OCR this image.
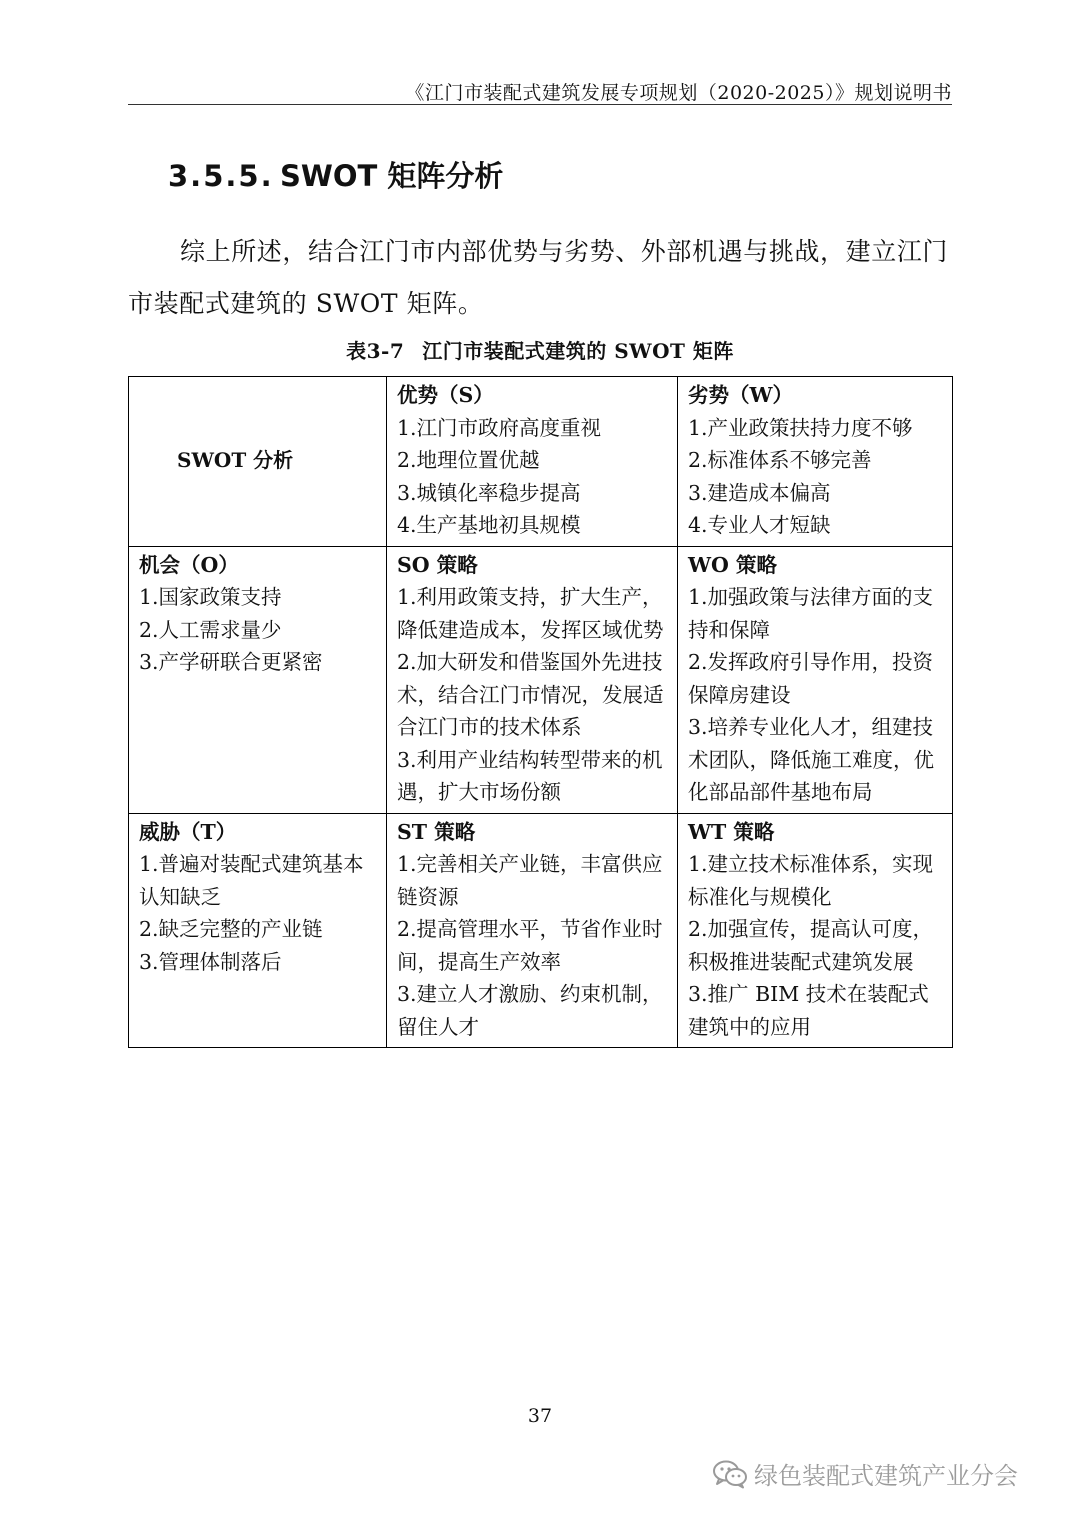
《江门市装配式建筑发展专项规划（2020-2025）》规划说明书
3.5.5. SWOT 矩阵分析

综上所述，结合江门市内部优势与劣势、外部机遇与挑战，建立江门市装配式建筑的 SWOT 矩阵。

表3-7 江门市装配式建筑的 SWOT 矩阵
SWOT 分析	优势（S）
1.江门市政府高度重视
2.地理位置优越
3.城镇化率稳步提高
4.生产基地初具规模	劣势（W）
1.产业政策扶持力度不够
2.标准体系不够完善
3.建造成本偏高
4.专业人才短缺

机会（O）
1.国家政策支持
2.人工需求量少
3.产学研联合更紧密	SO 策略
1.利用政策支持，扩大生产，降低建造成本，发挥区域优势
2.加大研发和借鉴国外先进技术，结合江门市情况，发展适合江门市的技术体系
3.利用产业结构转型带来的机遇，扩大市场份额	WO 策略
1.加强政策与法律方面的支持和保障
2.发挥政府引导作用，投资保障房建设
3.培养专业化人才，组建技术团队，降低施工难度，优化部品部件基地布局

威胁（T）
1.普遍对装配式建筑基本认知缺乏
2.缺乏完整的产业链
3.管理体制落后	ST 策略
1.完善相关产业链，丰富供应链资源
2.提高管理水平，节省作业时间，提高生产效率
3.建立人才激励、约束机制，留住人才	WT 策略
1.建立技术标准体系，实现标准化与规模化
2.加强宣传，提高认可度，积极推进装配式建筑发展
3.推广 BIM 技术在装配式建筑中的应用
37
绿色装配式建筑产业分会
